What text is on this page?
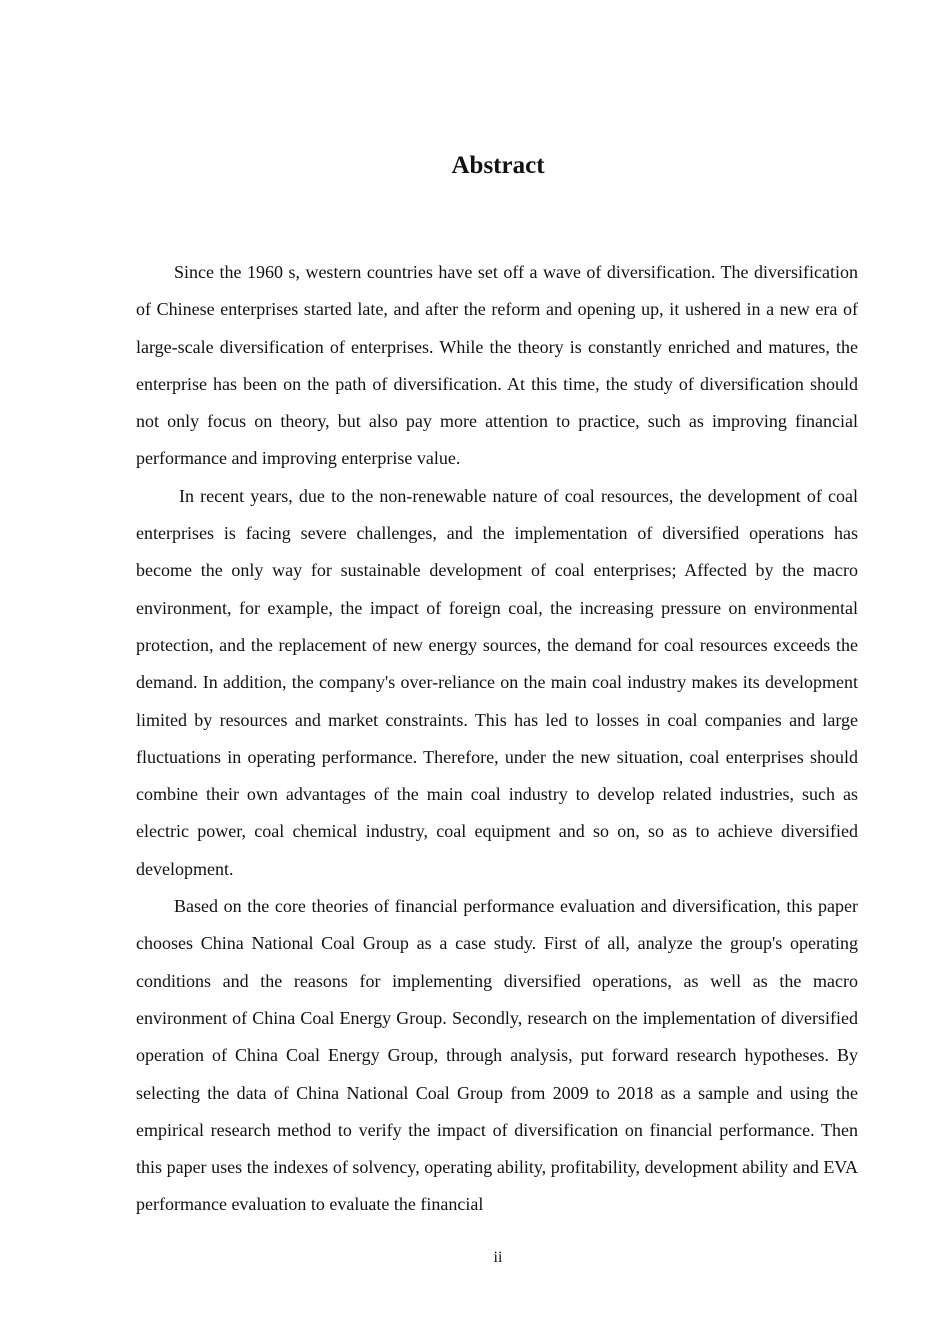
Abstract

Since the 1960 s, western countries have set off a wave of diversification. The diversification of Chinese enterprises started late, and after the reform and opening up, it ushered in a new era of large-scale diversification of enterprises. While the theory is constantly enriched and matures, the enterprise has been on the path of diversification. At this time, the study of diversification should not only focus on theory, but also pay more attention to practice, such as improving financial performance and improving enterprise value.

In recent years, due to the non-renewable nature of coal resources, the development of coal enterprises is facing severe challenges, and the implementation of diversified operations has become the only way for sustainable development of coal enterprises; Affected by the macro environment, for example, the impact of foreign coal, the increasing pressure on environmental protection, and the replacement of new energy sources, the demand for coal resources exceeds the demand. In addition, the company's over-reliance on the main coal industry makes its development limited by resources and market constraints. This has led to losses in coal companies and large fluctuations in operating performance. Therefore, under the new situation, coal enterprises should combine their own advantages of the main coal industry to develop related industries, such as electric power, coal chemical industry, coal equipment and so on, so as to achieve diversified development.

Based on the core theories of financial performance evaluation and diversification, this paper chooses China National Coal Group as a case study. First of all, analyze the group's operating conditions and the reasons for implementing diversified operations, as well as the macro environment of China Coal Energy Group. Secondly, research on the implementation of diversified operation of China Coal Energy Group, through analysis, put forward research hypotheses. By selecting the data of China National Coal Group from 2009 to 2018 as a sample and using the empirical research method to verify the impact of diversification on financial performance. Then this paper uses the indexes of solvency, operating ability, profitability, development ability and EVA performance evaluation to evaluate the financial

ii
